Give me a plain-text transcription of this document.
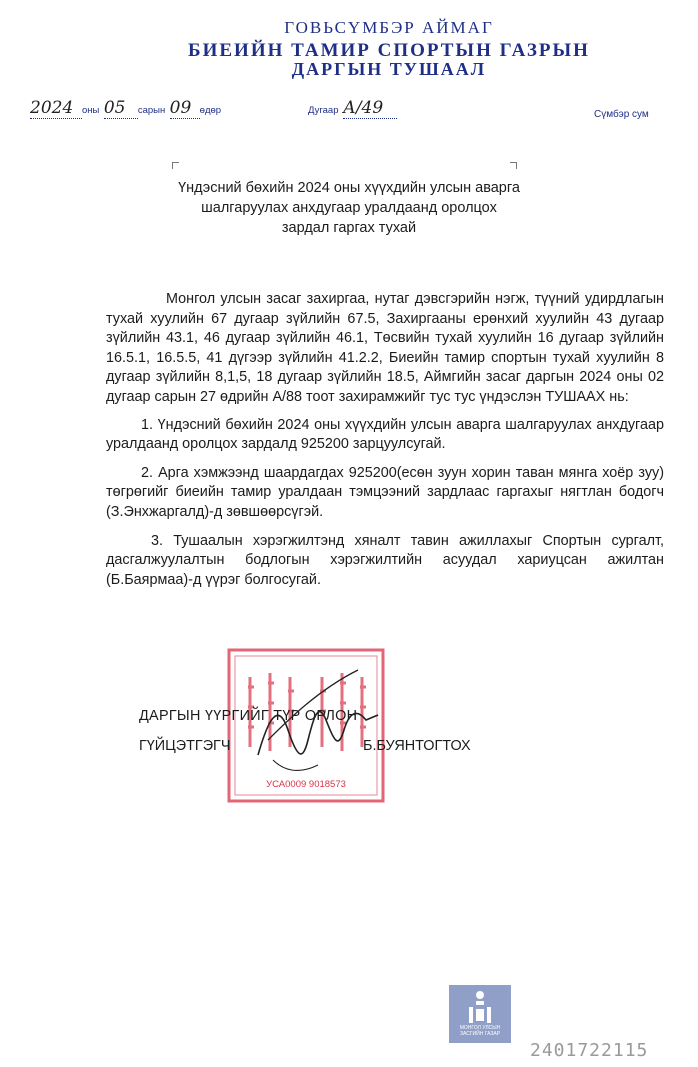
ГОВЬСҮМБЭР АЙМАГ
БИЕИЙН ТАМИР СПОРТЫН ГАЗРЫН
ДАРГЫН ТУШААЛ
2024 оны 05 сарын 09 өдөр	Дугаар А/49	Сүмбэр сум
Үндэсний бөхийн 2024 оны хүүхдийн улсын аварга
шалгаруулах анхдугаар уралдаанд оролцох
зардал гаргах тухай

Монгол улсын засаг захиргаа, нутаг дэвсгэрийн нэгж, түүний удирдлагын тухай хуулийн 67 дугаар зүйлийн 67.5, Захиргааны ерөнхий хуулийн 43 дугаар зүйлийн 43.1, 46 дугаар зүйлийн 46.1, Төсвийн тухай хуулийн 16 дугаар зүйлийн 16.5.1, 16.5.5, 41 дүгээр зүйлийн 41.2.2, Биеийн тамир спортын тухай хуулийн 8 дугаар зүйлийн 8,1,5, 18 дугаар зүйлийн 18.5, Аймгийн засаг даргын 2024 оны 02 дугаар сарын 27 өдрийн А/88 тоот захирамжийг тус тус үндэслэн ТУШААХ нь:

1. Үндэсний бөхийн 2024 оны хүүхдийн улсын аварга шалгаруулах анхдугаар уралдаанд оролцох зардалд 925200 зарцуулсугай.

2. Арга хэмжээнд шаардагдах 925200(есөн зуун хорин таван мянга хоёр зуу) төгрөгийг биеийн тамир уралдаан тэмцээний зардлаас гаргахыг нягтлан бодогч (З.Энхжаргалд)-д зөвшөөрсүгэй.

3. Тушаалын хэрэгжилтэнд хяналт тавин ажиллахыг Спортын сургалт, дасгалжуулалтын бодлогын хэрэгжилтийн асуудал хариуцсан ажилтан (Б.Баярмаа)-д үүрэг болгосугай.

УСА0009 9018573
ДАРГЫН ҮҮРГИЙГ ТҮР ОРЛОН
ГҮЙЦЭТГЭГЧ	Б.БУЯНТОГТОХ
МОНГОЛ УЛСЫН
ЗАСГИЙН ГАЗАР
2401722115
